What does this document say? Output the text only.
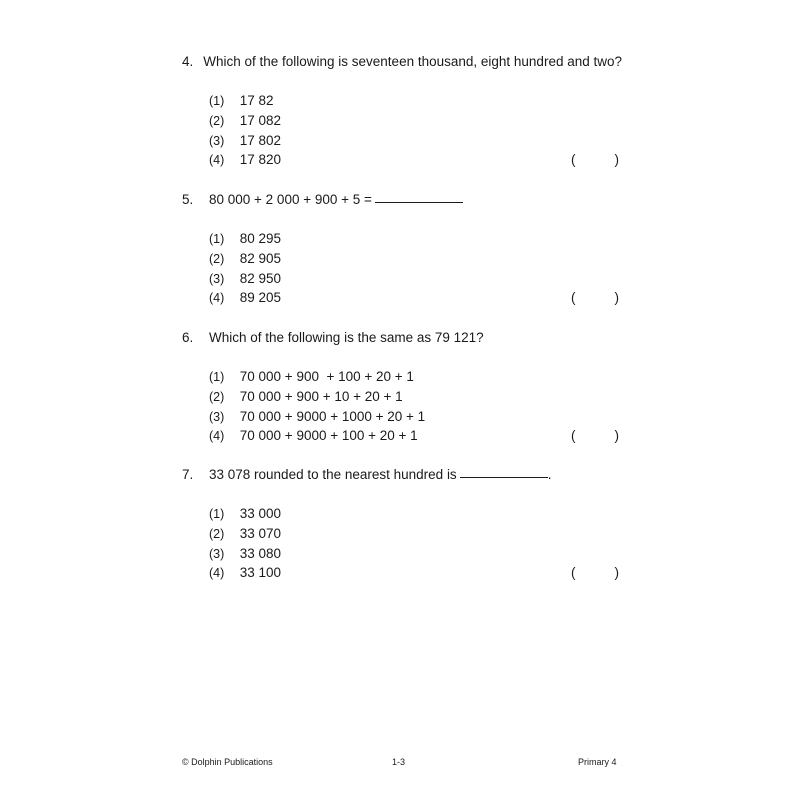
4. Which of the following is seventeen thousand, eight hundred and two?
(1) 17 82
(2) 17 082
(3) 17 802
(4) 17 820	(	)
5.	80 000 + 2 000 + 900 + 5 =
(1) 80 295
(2) 82 905
(3) 82 950
(4) 89 205	(	)
6.	Which of the following is the same as 79 121?
(1) 70 000 + 900  + 100 + 20 + 1
(2) 70 000 + 900 + 10 + 20 + 1
(3) 70 000 + 9000 + 1000 + 20 + 1
(4) 70 000 + 9000 + 100 + 20 + 1	(	)
7.	33 078 rounded to the nearest hundred is	.
(1) 33 000
(2) 33 070
(3) 33 080
(4) 33 100	(	)
© Dolphin Publications	1-3	Primary 4
